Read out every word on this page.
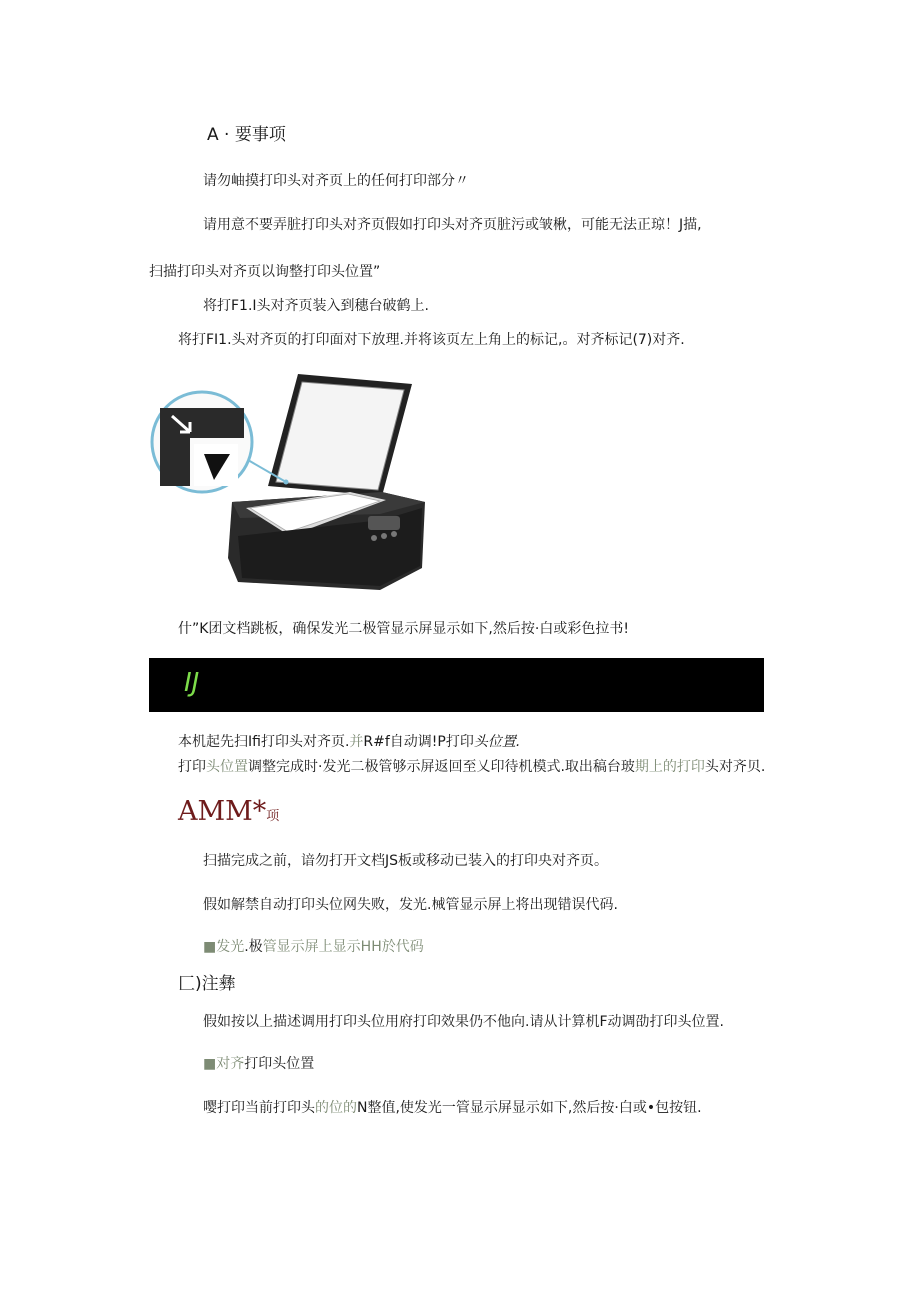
A · 要事项
请勿岫摸打印头对齐页上的任何打印部分〃
请用意不要弄脏打印头对齐页假如打印头对齐页脏污或皱楸，可能无法正琼！J描,
扫描打印头对齐页以询整打印头位置”
将打F1.I头对齐页装入到穗台破鹤上.
将打FI1.头对齐页的打印面对下放理.并将该页左上角上的标记,。对齐标记(7)对齐.
什”K团文档跳板，确保发光二极管显示屏显示如下,然后按·白或彩色拉书!
IJ
本机起先扫Ifi打印头对齐页.并R#f自动调!P打印头位置.
打印头位置调整完成时·发光二极管够示屏返回至乂印待机模式.取出稿台玻期上的打印头对齐贝.
AMM*项
扫描完成之前，谙勿打开文档JS板或移动已装入的打印央对齐页。
假如解禁自动打印头位网失败，发光.械管显示屏上将出现错误代码.
■发光.极管显示屏上显示HH於代码
匚)注彝
假如按以上描述调用打印头位用府打印效果仍不他向.请从计算机F动调劭打印头位置.
■对齐打印头位置
嘤打印当前打印头的位的N整值,使发光一管显示屏显示如下,然后按·白或•包按钮.
